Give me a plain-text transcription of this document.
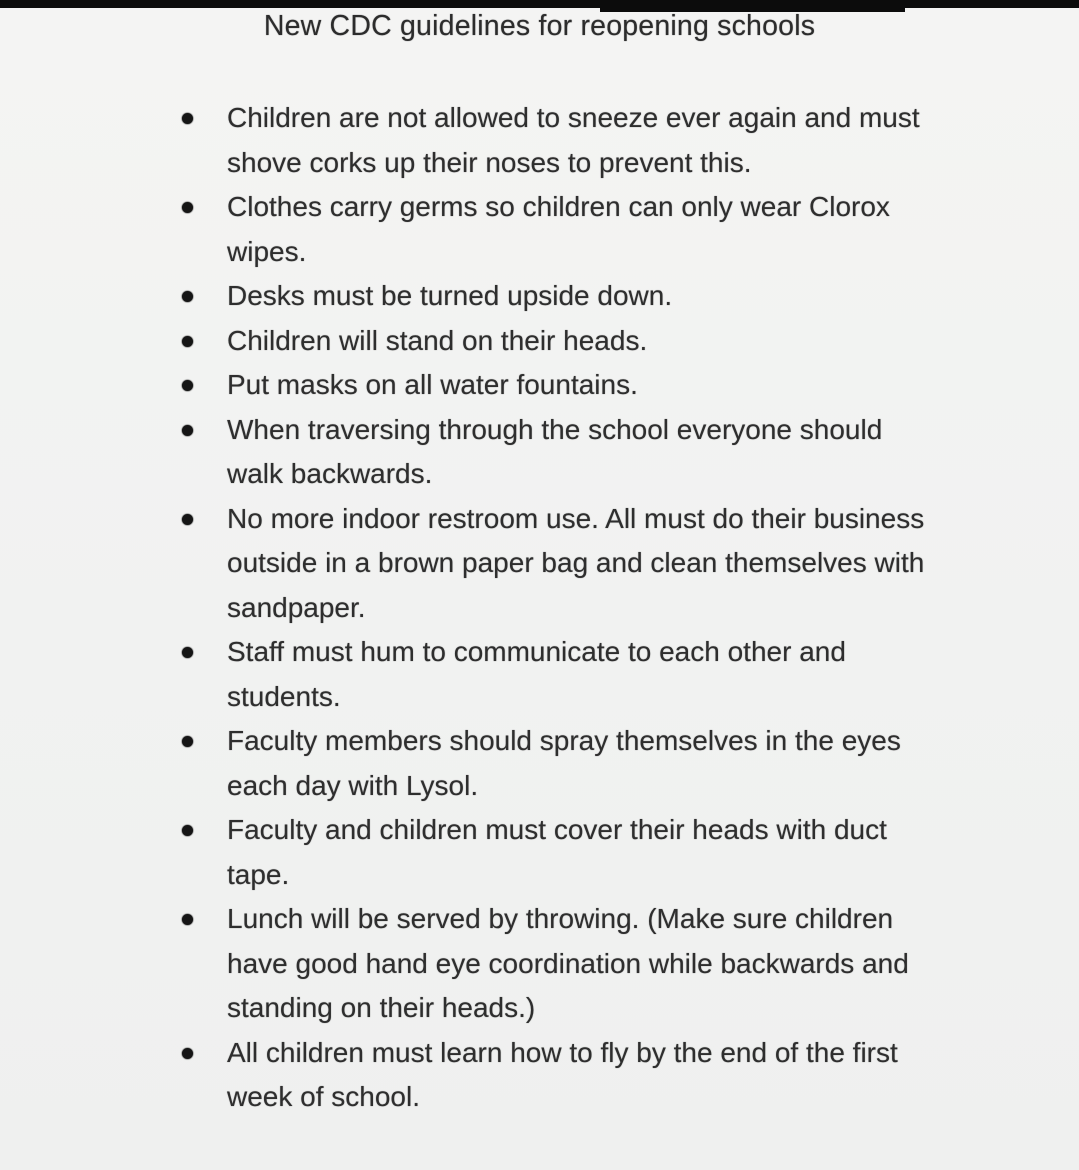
New CDC guidelines for reopening schools
Children are not allowed to sneeze ever again and must shove corks up their noses to prevent this.
Clothes carry germs so children can only wear Clorox wipes.
Desks must be turned upside down.
Children will stand on their heads.
Put masks on all water fountains.
When traversing through the school everyone should walk backwards.
No more indoor restroom use. All must do their business outside in a brown paper bag and clean themselves with sandpaper.
Staff must hum to communicate to each other and students.
Faculty members should spray themselves in the eyes each day with Lysol.
Faculty and children must cover their heads with duct tape.
Lunch will be served by throwing. (Make sure children have good hand eye coordination while backwards and standing on their heads.)
All children must learn how to fly by the end of the first week of school.
